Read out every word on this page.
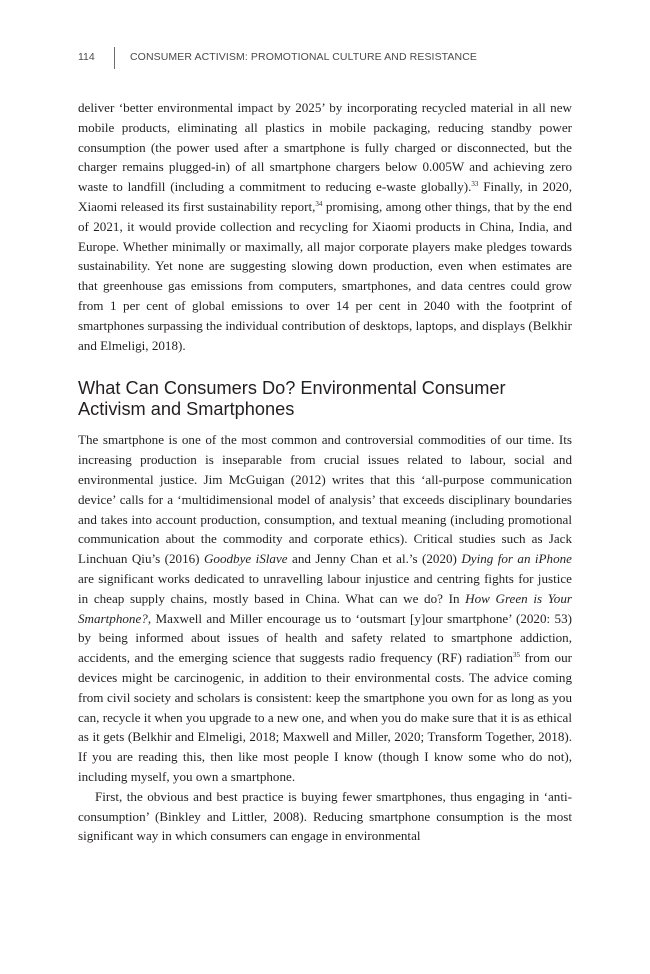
114	CONSUMER ACTIVISM: PROMOTIONAL CULTURE AND RESISTANCE

deliver ‘better environmental impact by 2025’ by incorporating recycled material in all new mobile products, eliminating all plastics in mobile packaging, reducing standby power consumption (the power used after a smartphone is fully charged or disconnected, but the charger remains plugged-in) of all smartphone chargers below 0.005W and achieving zero waste to landfill (including a commitment to reducing e-waste globally).$^{33}$ Finally, in 2020, Xiaomi released its first sustainability report,$^{34}$ promising, among other things, that by the end of 2021, it would provide collection and recycling for Xiaomi products in China, India, and Europe. Whether minimally or maximally, all major corporate players make pledges towards sustainability. Yet none are suggesting slowing down production, even when estimates are that greenhouse gas emissions from computers, smartphones, and data centres could grow from 1 per cent of global emissions to over 14 per cent in 2040 with the footprint of smartphones surpassing the individual contribution of desktops, laptops, and displays (Belkhir and Elmeligi, 2018).

What Can Consumers Do? Environmental Consumer
Activism and Smartphones

The smartphone is one of the most common and controversial commodities of our time. Its increasing production is inseparable from crucial issues related to labour, social and environmental justice. Jim McGuigan (2012) writes that this ‘all-purpose communication device’ calls for a ‘multidimensional model of analysis’ that exceeds disciplinary boundaries and takes into account production, consumption, and textual meaning (including promotional communication about the commodity and corporate ethics). Critical studies such as Jack Linchuan Qiu’s (2016) Goodbye iSlave and Jenny Chan et al.’s (2020) Dying for an iPhone are significant works dedicated to unravelling labour injustice and centring fights for justice in cheap supply chains, mostly based in China. What can we do? In How Green is Your Smartphone?, Maxwell and Miller encourage us to ‘outsmart [y]our smartphone’ (2020: 53) by being informed about issues of health and safety related to smartphone addiction, accidents, and the emerging science that suggests radio frequency (RF) radiation$^{35}$ from our devices might be carcinogenic, in addition to their environmental costs. The advice coming from civil society and scholars is consistent: keep the smartphone you own for as long as you can, recycle it when you upgrade to a new one, and when you do make sure that it is as ethical as it gets (Belkhir and Elmeligi, 2018; Maxwell and Miller, 2020; Transform Together, 2018). If you are reading this, then like most people I know (though I know some who do not), including myself, you own a smartphone.

First, the obvious and best practice is buying fewer smartphones, thus engaging in ‘anti-consumption’ (Binkley and Littler, 2008). Reducing smartphone consumption is the most significant way in which consumers can engage in environmental
